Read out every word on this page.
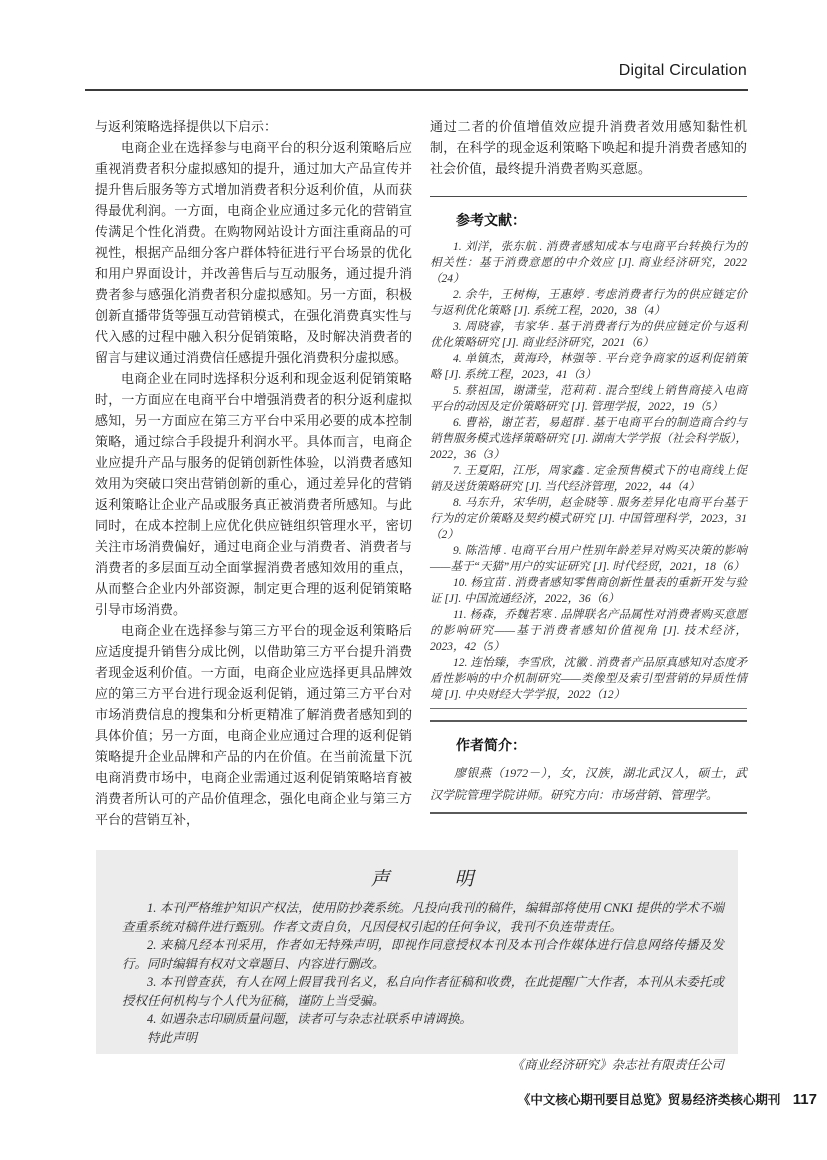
Digital Circulation

与返利策略选择提供以下启示：

电商企业在选择参与电商平台的积分返利策略后应重视消费者积分虚拟感知的提升，通过加大产品宣传并提升售后服务等方式增加消费者积分返利价值，从而获得最优利润。一方面，电商企业应通过多元化的营销宣传满足个性化消费。在购物网站设计方面注重商品的可视性，根据产品细分客户群体特征进行平台场景的优化和用户界面设计，并改善售后与互动服务，通过提升消费者参与感强化消费者积分虚拟感知。另一方面，积极创新直播带货等强互动营销模式，在强化消费真实性与代入感的过程中融入积分促销策略，及时解决消费者的留言与建议通过消费信任感提升强化消费积分虚拟感。

电商企业在同时选择积分返利和现金返利促销策略时，一方面应在电商平台中增强消费者的积分返利虚拟感知，另一方面应在第三方平台中采用必要的成本控制策略，通过综合手段提升利润水平。具体而言，电商企业应提升产品与服务的促销创新性体验，以消费者感知效用为突破口突出营销创新的重心，通过差异化的营销返利策略让企业产品或服务真正被消费者所感知。与此同时，在成本控制上应优化供应链组织管理水平，密切关注市场消费偏好，通过电商企业与消费者、消费者与消费者的多层面互动全面掌握消费者感知效用的重点，从而整合企业内外部资源，制定更合理的返利促销策略引导市场消费。

电商企业在选择参与第三方平台的现金返利策略后应适度提升销售分成比例，以借助第三方平台提升消费者现金返利价值。一方面，电商企业应选择更具品牌效应的第三方平台进行现金返利促销，通过第三方平台对市场消费信息的搜集和分析更精准了解消费者感知到的具体价值；另一方面，电商企业应通过合理的返利促销策略提升企业品牌和产品的内在价值。在当前流量下沉电商消费市场中，电商企业需通过返利促销策略培育被消费者所认可的产品价值理念，强化电商企业与第三方平台的营销互补，

通过二者的价值增值效应提升消费者效用感知黏性机制，在科学的现金返利策略下唤起和提升消费者感知的社会价值，最终提升消费者购买意愿。

参考文献：

1. 刘洋，张东航 . 消费者感知成本与电商平台转换行为的相关性：基于消费意愿的中介效应 [J]. 商业经济研究，2022（24）

2. 余牛，王树梅，王惠婷 . 考虑消费者行为的供应链定价与返利优化策略 [J]. 系统工程，2020，38（4）

3. 周晓睿，韦家华 . 基于消费者行为的供应链定价与返利优化策略研究 [J]. 商业经济研究，2021（6）

4. 单镇杰，黄海玲，林强等 . 平台竞争商家的返利促销策略 [J]. 系统工程，2023，41（3）

5. 蔡祖国，谢潇莹，范莉莉 . 混合型线上销售商接入电商平台的动因及定价策略研究 [J]. 管理学报，2022，19（5）

6. 曹裕，谢芷若，易超群 . 基于电商平台的制造商合约与销售服务模式选择策略研究 [J]. 湖南大学学报（社会科学版），2022，36（3）

7. 王夏阳，江彤，周家鑫 . 定金预售模式下的电商线上促销及送货策略研究 [J]. 当代经济管理，2022，44（4）

8. 马东升，宋华明，赵金晓等 . 服务差异化电商平台基于行为的定价策略及契约模式研究 [J]. 中国管理科学，2023，31（2）

9. 陈浩博 . 电商平台用户性别年龄差异对购买决策的影响——基于“天猫”用户的实证研究 [J]. 时代经贸，2021，18（6）

10. 杨宜苗 . 消费者感知零售商创新性量表的重新开发与验证 [J]. 中国流通经济，2022，36（6）

11. 杨森，乔魏若寒 . 品牌联名产品属性对消费者购买意愿的影响研究——基于消费者感知价值视角 [J]. 技术经济，2023，42（5）

12. 连怡臻，李雪欣，沈徽 . 消费者产品原真感知对态度矛盾性影响的中介机制研究——类像型及索引型营销的异质性情境 [J]. 中央财经大学学报，2022（12）

作者简介：

廖银燕（1972－），女，汉族，湖北武汉人，硕士，武汉学院管理学院讲师。研究方向：市场营销、管理学。

声　　　明

1. 本刊严格维护知识产权法，使用防抄袭系统。凡投向我刊的稿件，编辑部将使用 CNKI 提供的学术不端查重系统对稿件进行甄别。作者文责自负，凡因侵权引起的任何争议，我刊不负连带责任。

2. 来稿凡经本刊采用，作者如无特殊声明，即视作同意授权本刊及本刊合作媒体进行信息网络传播及发行。同时编辑有权对文章题目、内容进行删改。

3. 本刊曾查获，有人在网上假冒我刊名义，私自向作者征稿和收费，在此提醒广大作者，本刊从未委托或授权任何机构与个人代为征稿，谨防上当受骗。

4. 如遇杂志印刷质量问题，读者可与杂志社联系申请调换。

特此声明

《商业经济研究》杂志社有限责任公司
《中文核心期刊要目总览》贸易经济类核心期刊 117
